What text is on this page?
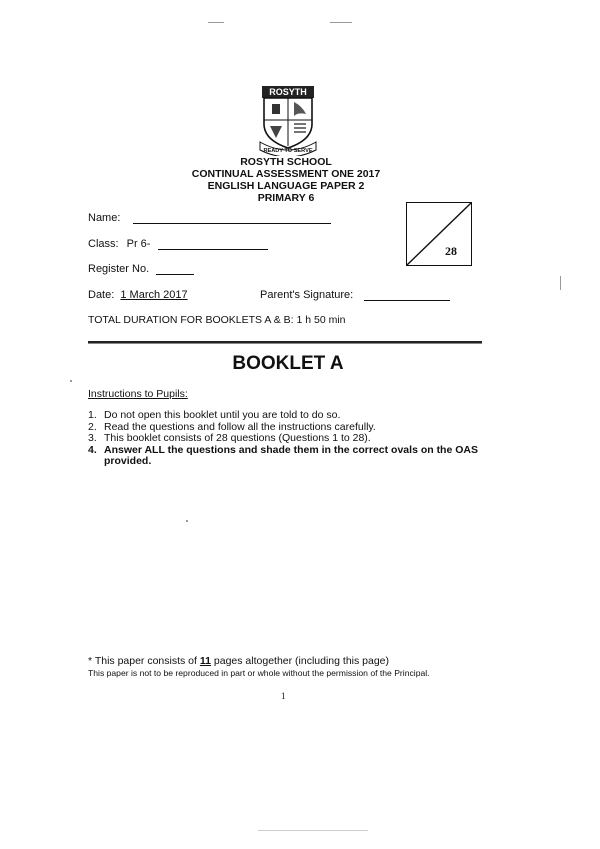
ROSYTH
READY TO SERVE
ROSYTH SCHOOL
CONTINUAL ASSESSMENT ONE 2017
ENGLISH LANGUAGE PAPER 2
PRIMARY 6
Name:
Class: Pr 6-
Register No.
Date: 1 March 2017	Parent's Signature:
28
TOTAL DURATION FOR BOOKLETS A & B: 1 h 50 min
BOOKLET A
Instructions to Pupils:
1. Do not open this booklet until you are told to do so.
2. Read the questions and follow all the instructions carefully.
3. This booklet consists of 28 questions (Questions 1 to 28).
4. Answer ALL the questions and shade them in the correct ovals on the OAS provided.
* This paper consists of 11 pages altogether (including this page)
This paper is not to be reproduced in part or whole without the permission of the Principal.
1
